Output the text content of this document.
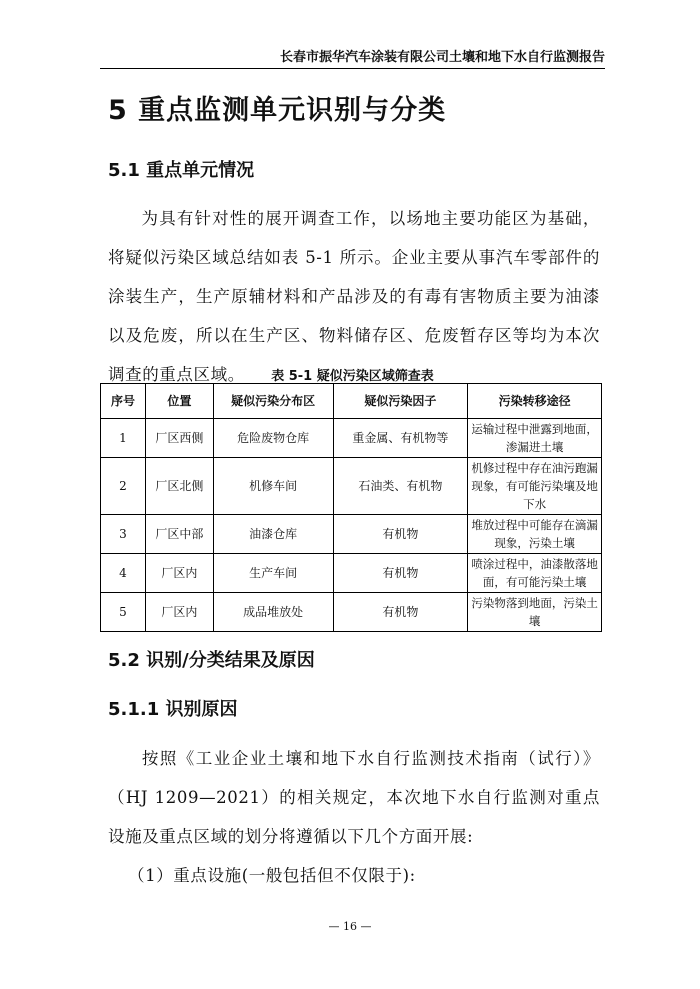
长春市振华汽车涂装有限公司土壤和地下水自行监测报告
5 重点监测单元识别与分类
5.1 重点单元情况
为具有针对性的展开调查工作，以场地主要功能区为基础，将疑似污染区域总结如表 5-1 所示。企业主要从事汽车零部件的涂装生产，生产原辅材料和产品涉及的有毒有害物质主要为油漆以及危废，所以在生产区、物料储存区、危废暂存区等均为本次调查的重点区域。	表 5-1 疑似污染区域筛查表
序号	位置	疑似污染分布区	疑似污染因子	污染转移途径
1	厂区西侧	危险废物仓库	重金属、有机物等	运输过程中泄露到地面，渗漏进土壤
2	厂区北侧	机修车间	石油类、有机物	机修过程中存在油污跑漏现象，有可能污染壤及地下水
3	厂区中部	油漆仓库	有机物	堆放过程中可能存在滴漏现象，污染土壤
4	厂区内	生产车间	有机物	喷涂过程中，油漆散落地面，有可能污染土壤
5	厂区内	成品堆放处	有机物	污染物落到地面，污染土壤
5.2 识别/分类结果及原因
5.1.1 识别原因
按照《工业企业土壤和地下水自行监测技术指南（试行）》（HJ 1209—2021）的相关规定，本次地下水自行监测对重点设施及重点区域的划分将遵循以下几个方面开展:
（1）重点设施(一般包括但不仅限于):
— 16 —
